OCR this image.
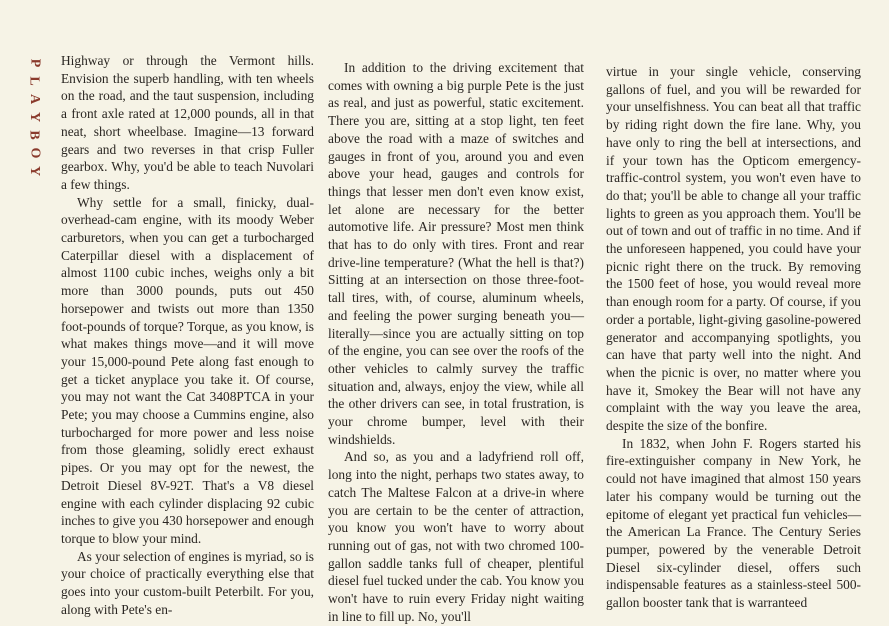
P
L
A
Y
B
O
Y

Highway or through the Vermont hills. Envision the superb handling, with ten wheels on the road, and the taut suspension, including a front axle rated at 12,000 pounds, all in that neat, short wheelbase. Imagine—13 forward gears and two reverses in that crisp Fuller gearbox. Why, you'd be able to teach Nuvolari a few things.

Why settle for a small, finicky, dual-overhead-cam engine, with its moody Weber carburetors, when you can get a turbocharged Caterpillar diesel with a displacement of almost 1100 cubic inches, weighs only a bit more than 3000 pounds, puts out 450 horsepower and twists out more than 1350 foot-pounds of torque? Torque, as you know, is what makes things move—and it will move your 15,000-pound Pete along fast enough to get a ticket anyplace you take it. Of course, you may not want the Cat 3408PTCA in your Pete; you may choose a Cummins engine, also turbocharged for more power and less noise from those gleaming, solidly erect exhaust pipes. Or you may opt for the newest, the Detroit Diesel 8V-92T. That's a V8 diesel engine with each cylinder displacing 92 cubic inches to give you 430 horsepower and enough torque to blow your mind.

As your selection of engines is myriad, so is your choice of practically everything else that goes into your custom-built Peterbilt. For you, along with Pete's en-

In addition to the driving excitement that comes with owning a big purple Pete is the just as real, and just as powerful, static excitement. There you are, sitting at a stop light, ten feet above the road with a maze of switches and gauges in front of you, around you and even above your head, gauges and controls for things that lesser men don't even know exist, let alone are necessary for the better automotive life. Air pressure? Most men think that has to do only with tires. Front and rear drive-line temperature? (What the hell is that?) Sitting at an intersection on those three-foot-tall tires, with, of course, aluminum wheels, and feeling the power surging beneath you—literally—since you are actually sitting on top of the engine, you can see over the roofs of the other vehicles to calmly survey the traffic situation and, always, enjoy the view, while all the other drivers can see, in total frustration, is your chrome bumper, level with their windshields.

And so, as you and a ladyfriend roll off, long into the night, perhaps two states away, to catch The Maltese Falcon at a drive-in where you are certain to be the center of attraction, you know you won't have to worry about running out of gas, not with two chromed 100-gallon saddle tanks full of cheaper, plentiful diesel fuel tucked under the cab. You know you won't have to ruin every Friday night waiting in line to fill up. No, you'll

virtue in your single vehicle, conserving gallons of fuel, and you will be rewarded for your unselfishness. You can beat all that traffic by riding right down the fire lane. Why, you have only to ring the bell at intersections, and if your town has the Opticom emergency-traffic-control system, you won't even have to do that; you'll be able to change all your traffic lights to green as you approach them. You'll be out of town and out of traffic in no time. And if the unforeseen happened, you could have your picnic right there on the truck. By removing the 1500 feet of hose, you would reveal more than enough room for a party. Of course, if you order a portable, light-giving gasoline-powered generator and accompanying spotlights, you can have that party well into the night. And when the picnic is over, no matter where you have it, Smokey the Bear will not have any complaint with the way you leave the area, despite the size of the bonfire.

In 1832, when John F. Rogers started his fire-extinguisher company in New York, he could not have imagined that almost 150 years later his company would be turning out the epitome of elegant yet practical fun vehicles—the American La France. The Century Series pumper, powered by the venerable Detroit Diesel six-cylinder diesel, offers such indispensable features as a stainless-steel 500-gallon booster tank that is warranteed
